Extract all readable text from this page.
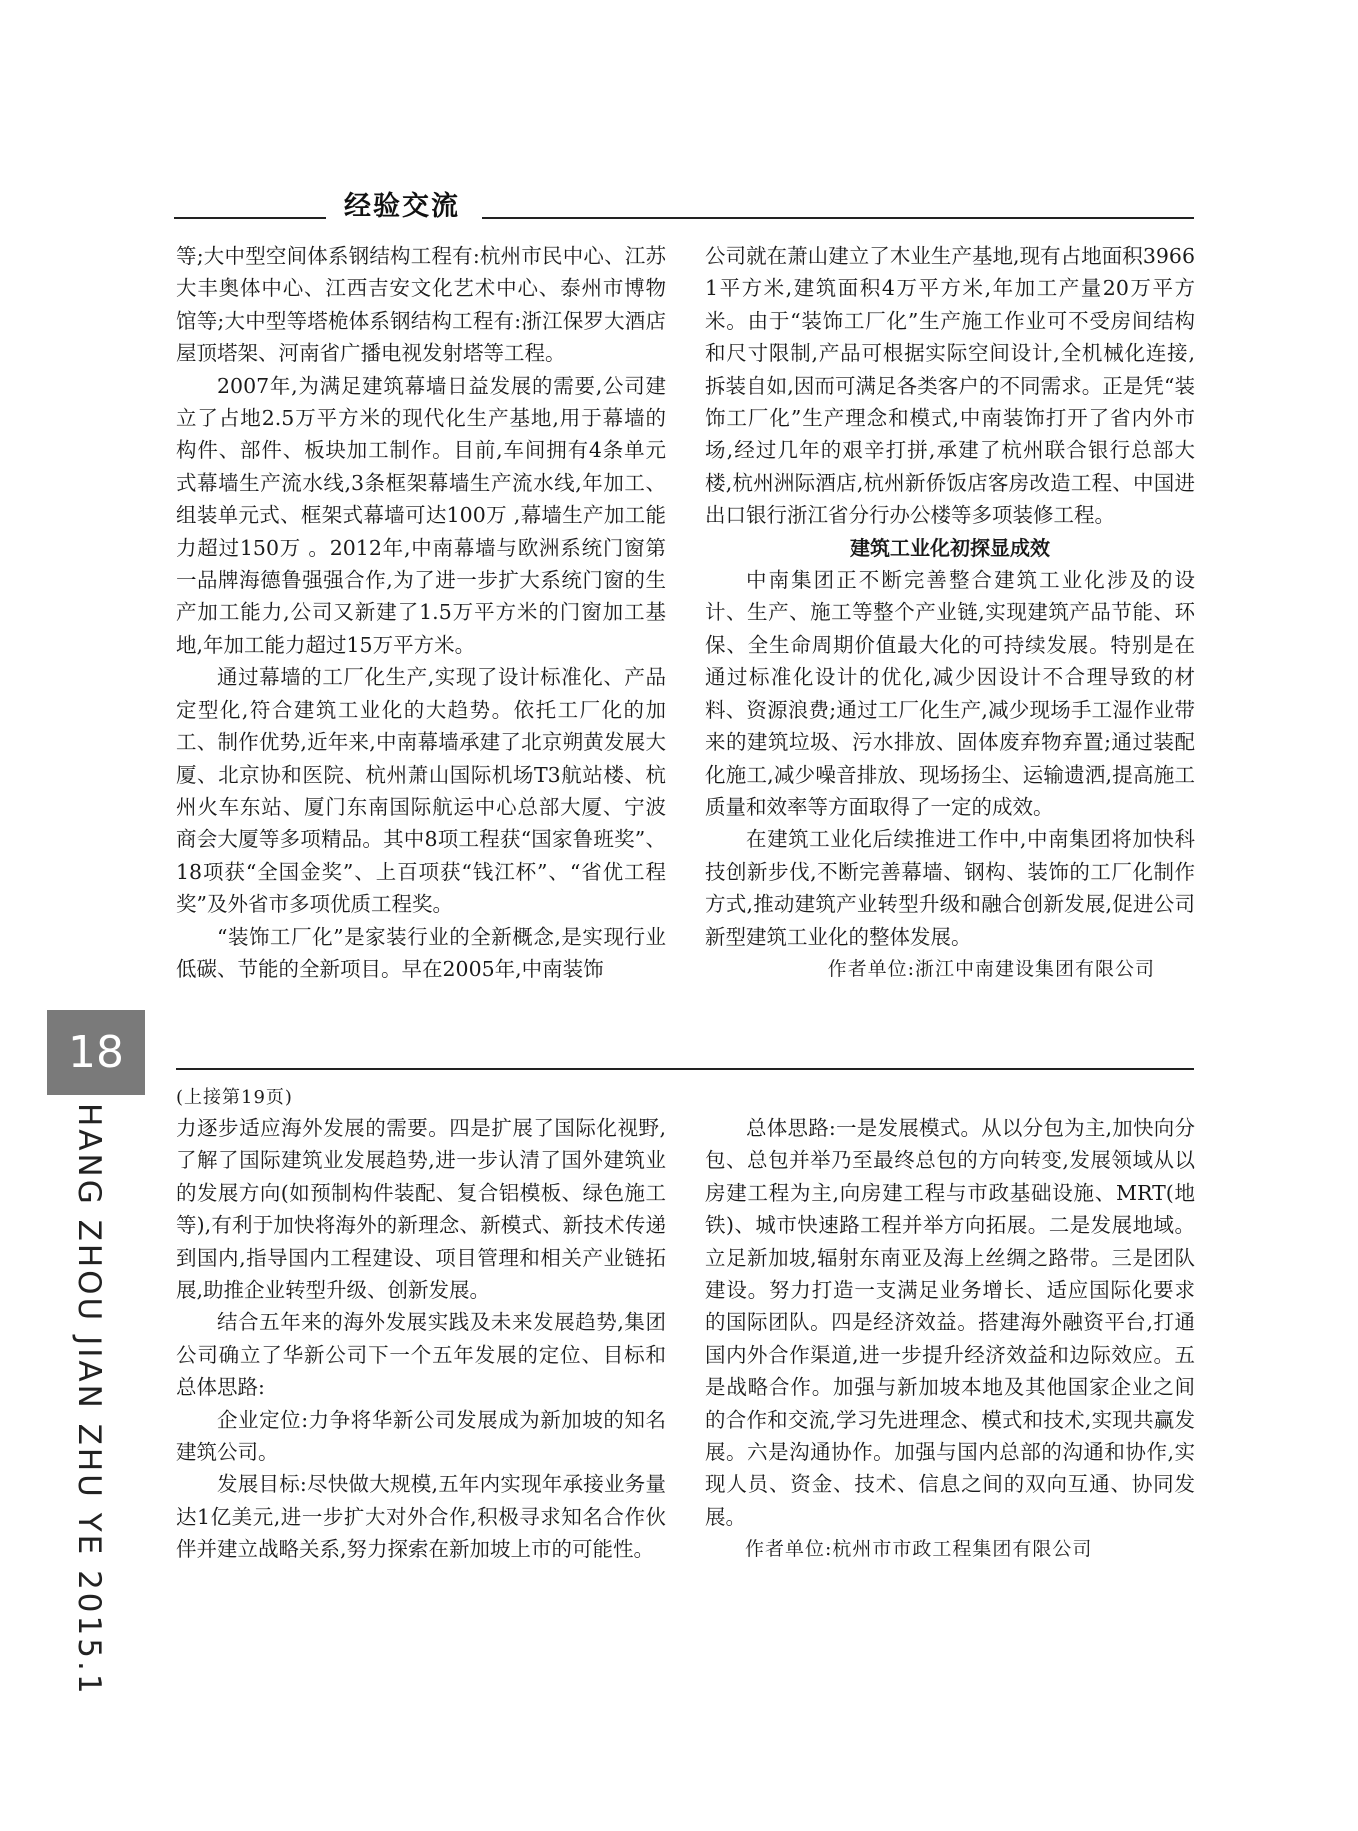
经验交流

等;大中型空间体系钢结构工程有:杭州市民中心、江苏大丰奥体中心、江西吉安文化艺术中心、泰州市博物馆等;大中型等塔桅体系钢结构工程有:浙江保罗大酒店屋顶塔架、河南省广播电视发射塔等工程。

2007年,为满足建筑幕墙日益发展的需要,公司建立了占地2.5万平方米的现代化生产基地,用于幕墙的构件、部件、板块加工制作。目前,车间拥有4条单元式幕墙生产流水线,3条框架幕墙生产流水线,年加工、组装单元式、框架式幕墙可达100万 ,幕墙生产加工能力超过150万 。2012年,中南幕墙与欧洲系统门窗第一品牌海德鲁强强合作,为了进一步扩大系统门窗的生产加工能力,公司又新建了1.5万平方米的门窗加工基地,年加工能力超过15万平方米。

通过幕墙的工厂化生产,实现了设计标准化、产品定型化,符合建筑工业化的大趋势。依托工厂化的加工、制作优势,近年来,中南幕墙承建了北京朔黄发展大厦、北京协和医院、杭州萧山国际机场T3航站楼、杭州火车东站、厦门东南国际航运中心总部大厦、宁波商会大厦等多项精品。其中8项工程获“国家鲁班奖”、18项获“全国金奖”、上百项获“钱江杯”、“省优工程奖”及外省市多项优质工程奖。

“装饰工厂化”是家装行业的全新概念,是实现行业低碳、节能的全新项目。早在2005年,中南装饰

公司就在萧山建立了木业生产基地,现有占地面积39661平方米,建筑面积4万平方米,年加工产量20万平方米。由于“装饰工厂化”生产施工作业可不受房间结构和尺寸限制,产品可根据实际空间设计,全机械化连接,拆装自如,因而可满足各类客户的不同需求。正是凭“装饰工厂化”生产理念和模式,中南装饰打开了省内外市场,经过几年的艰辛打拼,承建了杭州联合银行总部大楼,杭州洲际酒店,杭州新侨饭店客房改造工程、中国进出口银行浙江省分行办公楼等多项装修工程。

建筑工业化初探显成效

中南集团正不断完善整合建筑工业化涉及的设计、生产、施工等整个产业链,实现建筑产品节能、环保、全生命周期价值最大化的可持续发展。特别是在通过标准化设计的优化,减少因设计不合理导致的材料、资源浪费;通过工厂化生产,减少现场手工湿作业带来的建筑垃圾、污水排放、固体废弃物弃置;通过装配化施工,减少噪音排放、现场扬尘、运输遗洒,提高施工质量和效率等方面取得了一定的成效。

在建筑工业化后续推进工作中,中南集团将加快科技创新步伐,不断完善幕墙、钢构、装饰的工厂化制作方式,推动建筑产业转型升级和融合创新发展,促进公司新型建筑工业化的整体发展。

作者单位:浙江中南建设集团有限公司

18
HANG ZHOU JIAN ZHU YE 2015.1
(上接第19页)

力逐步适应海外发展的需要。四是扩展了国际化视野,了解了国际建筑业发展趋势,进一步认清了国外建筑业的发展方向(如预制构件装配、复合铝模板、绿色施工等),有利于加快将海外的新理念、新模式、新技术传递到国内,指导国内工程建设、项目管理和相关产业链拓展,助推企业转型升级、创新发展。

结合五年来的海外发展实践及未来发展趋势,集团公司确立了华新公司下一个五年发展的定位、目标和总体思路:

企业定位:力争将华新公司发展成为新加坡的知名建筑公司。

发展目标:尽快做大规模,五年内实现年承接业务量达1亿美元,进一步扩大对外合作,积极寻求知名合作伙伴并建立战略关系,努力探索在新加坡上市的可能性。

总体思路:一是发展模式。从以分包为主,加快向分包、总包并举乃至最终总包的方向转变,发展领域从以房建工程为主,向房建工程与市政基础设施、MRT(地铁)、城市快速路工程并举方向拓展。二是发展地域。立足新加坡,辐射东南亚及海上丝绸之路带。三是团队建设。努力打造一支满足业务增长、适应国际化要求的国际团队。四是经济效益。搭建海外融资平台,打通国内外合作渠道,进一步提升经济效益和边际效应。五是战略合作。加强与新加坡本地及其他国家企业之间的合作和交流,学习先进理念、模式和技术,实现共赢发展。六是沟通协作。加强与国内总部的沟通和协作,实现人员、资金、技术、信息之间的双向互通、协同发展。

作者单位:杭州市市政工程集团有限公司
